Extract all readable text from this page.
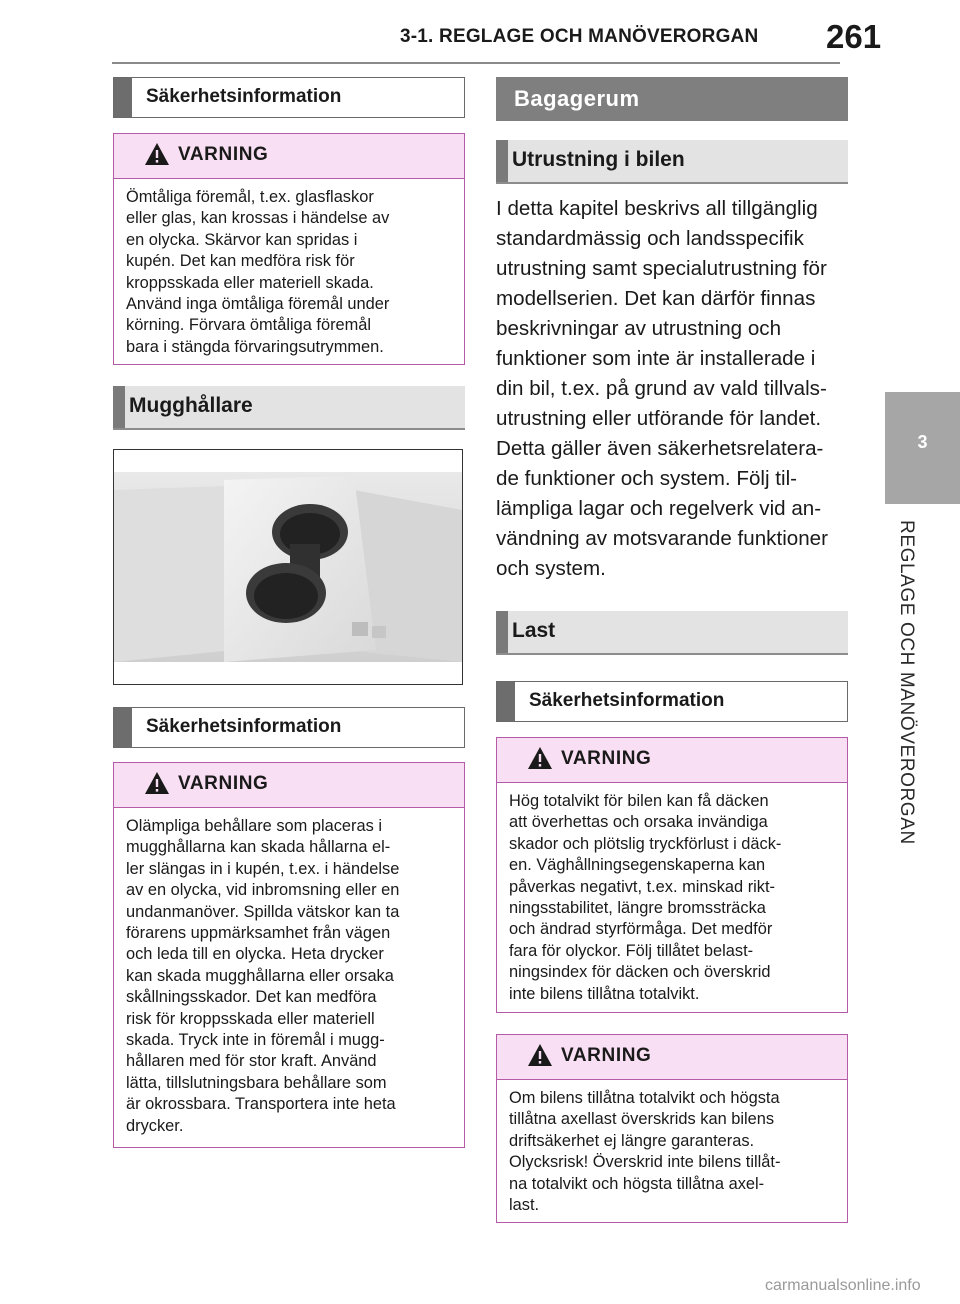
3-1. REGLAGE OCH MANÖVERORGAN 261
3
REGLAGE OCH MANÖVERORGAN
Säkerhetsinformation
VARNING
Ömtåliga föremål, t.ex. glasflaskor
eller glas, kan krossas i händelse av
en olycka. Skärvor kan spridas i
kupén. Det kan medföra risk för
kroppsskada eller materiell skada.
Använd inga ömtåliga föremål under
körning. Förvara ömtåliga föremål
bara i stängda förvaringsutrymmen.
Mugghållare
Säkerhetsinformation
VARNING
Olämpliga behållare som placeras i
mugghållarna kan skada hållarna el-
ler slängas in i kupén, t.ex. i händelse
av en olycka, vid inbromsning eller en
undanmanöver. Spillda vätskor kan ta
förarens uppmärksamhet från vägen
och leda till en olycka. Heta drycker
kan skada mugghållarna eller orsaka
skållningsskador. Det kan medföra
risk för kroppsskada eller materiell
skada. Tryck inte in föremål i mugg-
hållaren med för stor kraft. Använd
lätta, tillslutningsbara behållare som
är okrossbara. Transportera inte heta
drycker.
Bagagerum
Utrustning i bilen
I detta kapitel beskrivs all tillgänglig
standardmässig och landsspecifik
utrustning samt specialutrustning för
modellserien. Det kan därför finnas
beskrivningar av utrustning och
funktioner som inte är installerade i
din bil, t.ex. på grund av vald tillvals-
utrustning eller utförande för landet.
Detta gäller även säkerhetsrelatera-
de funktioner och system. Följ til-
lämpliga lagar och regelverk vid an-
vändning av motsvarande funktioner
och system.
Last
Säkerhetsinformation
VARNING
Hög totalvikt för bilen kan få däcken
att överhettas och orsaka invändiga
skador och plötslig tryckförlust i däck-
en. Väghållningsegenskaperna kan
påverkas negativt, t.ex. minskad rikt-
ningsstabilitet, längre bromssträcka
och ändrad styrförmåga. Det medför
fara för olyckor. Följ tillåtet belast-
ningsindex för däcken och överskrid
inte bilens tillåtna totalvikt.
VARNING
Om bilens tillåtna totalvikt och högsta
tillåtna axellast överskrids kan bilens
driftsäkerhet ej längre garanteras.
Olycksrisk! Överskrid inte bilens tillåt-
na totalvikt och högsta tillåtna axel-
last.
carmanualsonline.info
